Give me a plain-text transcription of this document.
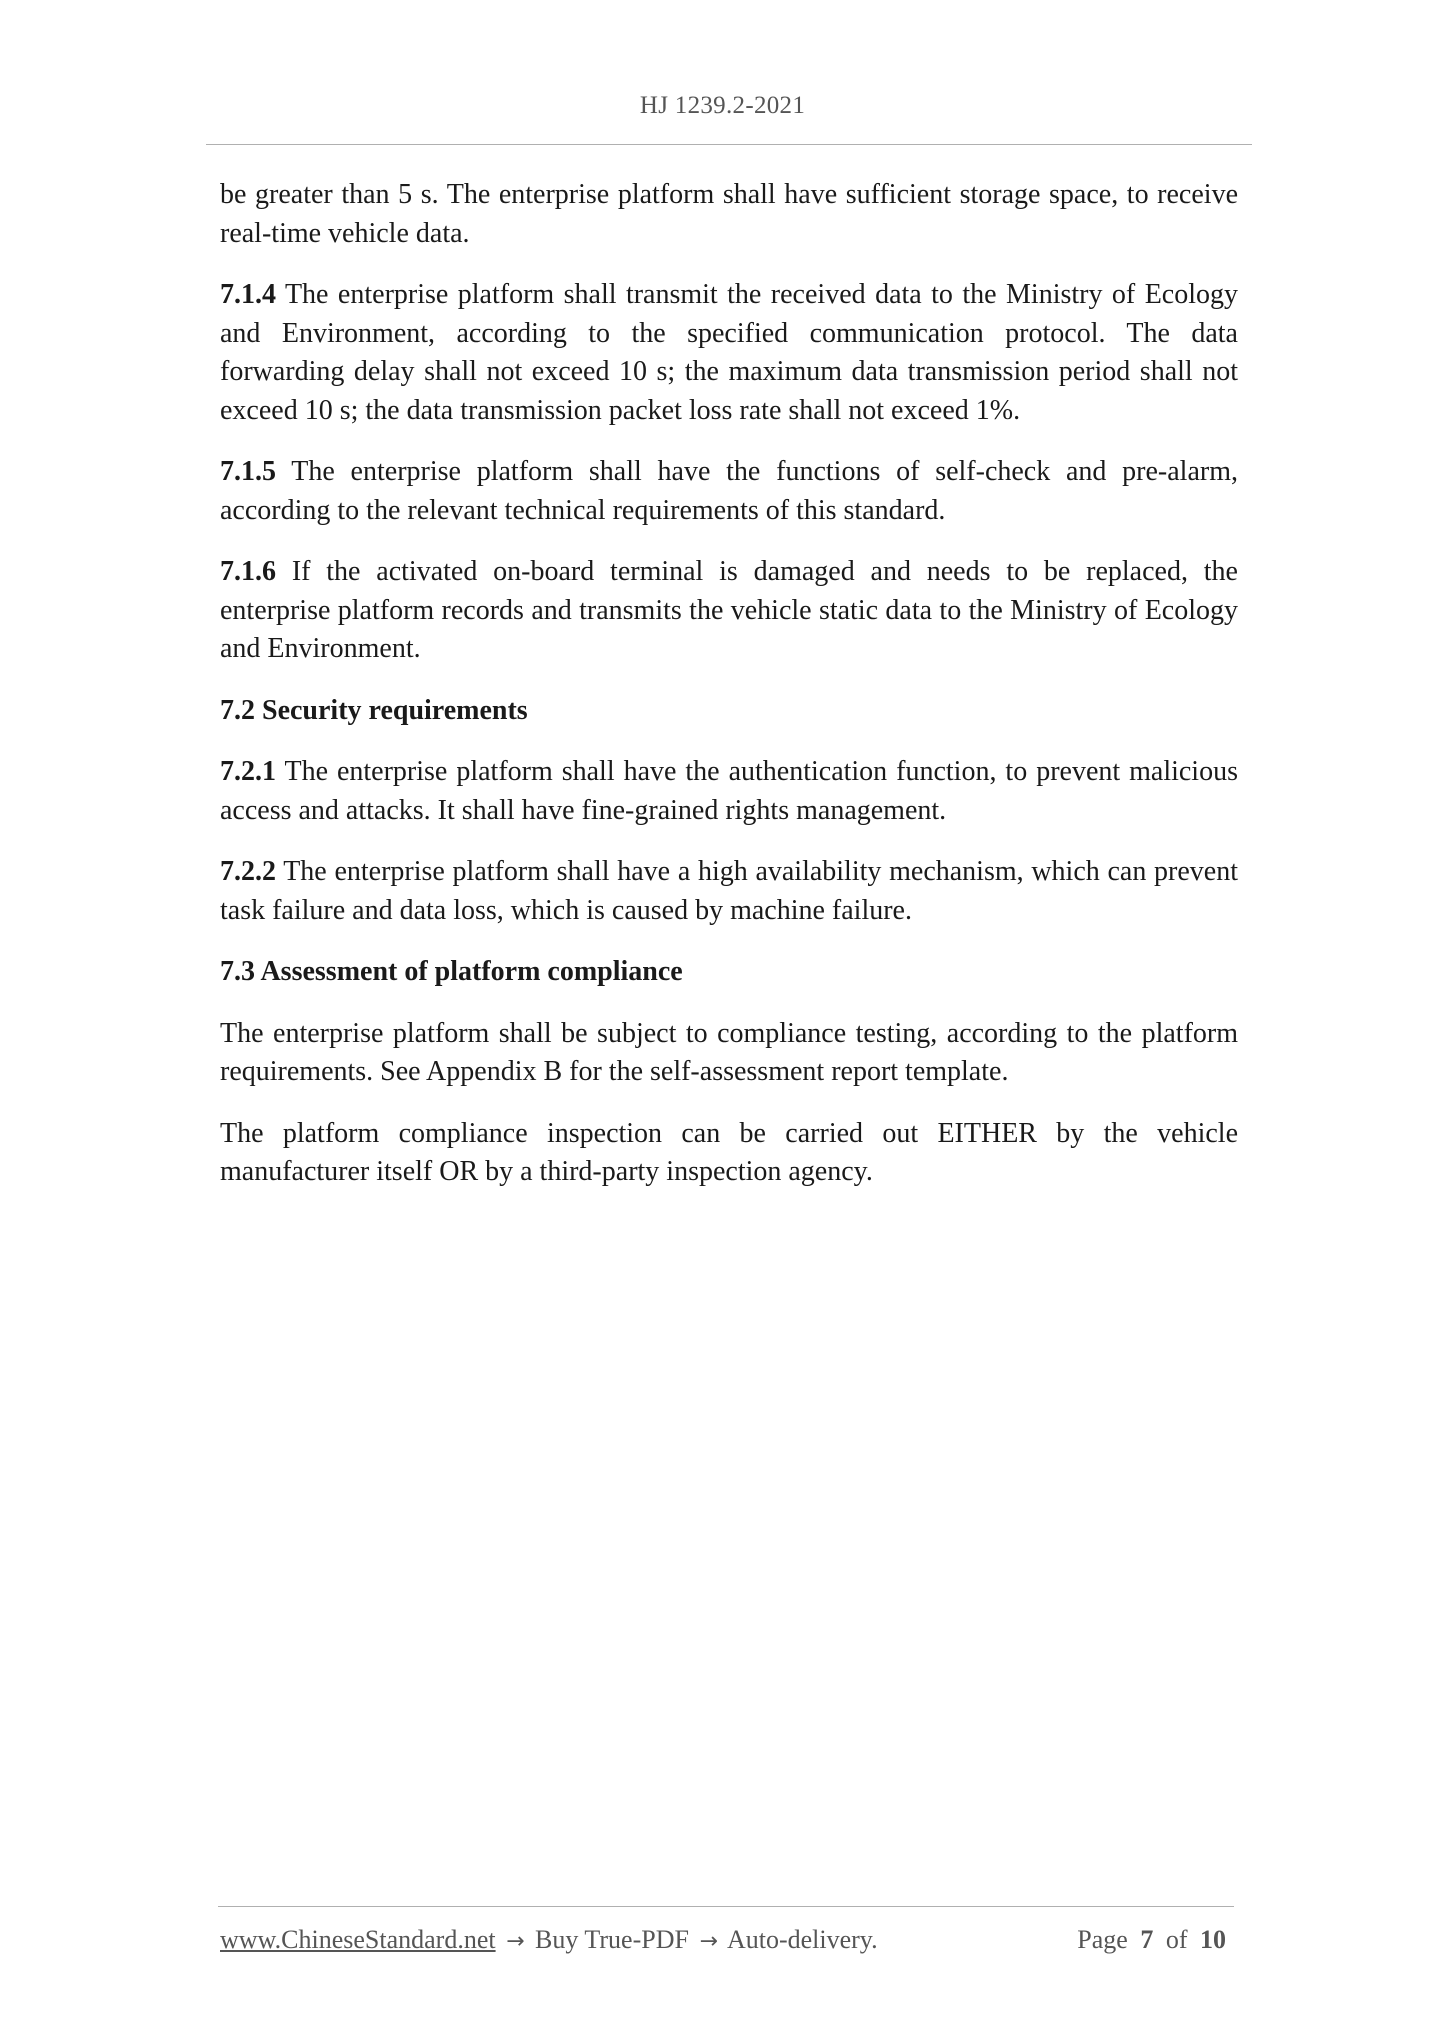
HJ 1239.2-2021

be greater than 5 s. The enterprise platform shall have sufficient storage space, to receive real-time vehicle data.

7.1.4 The enterprise platform shall transmit the received data to the Ministry of Ecology and Environment, according to the specified communication protocol. The data forwarding delay shall not exceed 10 s; the maximum data transmission period shall not exceed 10 s; the data transmission packet loss rate shall not exceed 1%.

7.1.5 The enterprise platform shall have the functions of self-check and pre-alarm, according to the relevant technical requirements of this standard.

7.1.6 If the activated on-board terminal is damaged and needs to be replaced, the enterprise platform records and transmits the vehicle static data to the Ministry of Ecology and Environment.

7.2 Security requirements

7.2.1 The enterprise platform shall have the authentication function, to prevent malicious access and attacks. It shall have fine-grained rights management.

7.2.2 The enterprise platform shall have a high availability mechanism, which can prevent task failure and data loss, which is caused by machine failure.

7.3 Assessment of platform compliance

The enterprise platform shall be subject to compliance testing, according to the platform requirements. See Appendix B for the self-assessment report template.

The platform compliance inspection can be carried out EITHER by the vehicle manufacturer itself OR by a third-party inspection agency.

www.ChineseStandard.net → Buy True-PDF → Auto-delivery.	Page 7 of 10
